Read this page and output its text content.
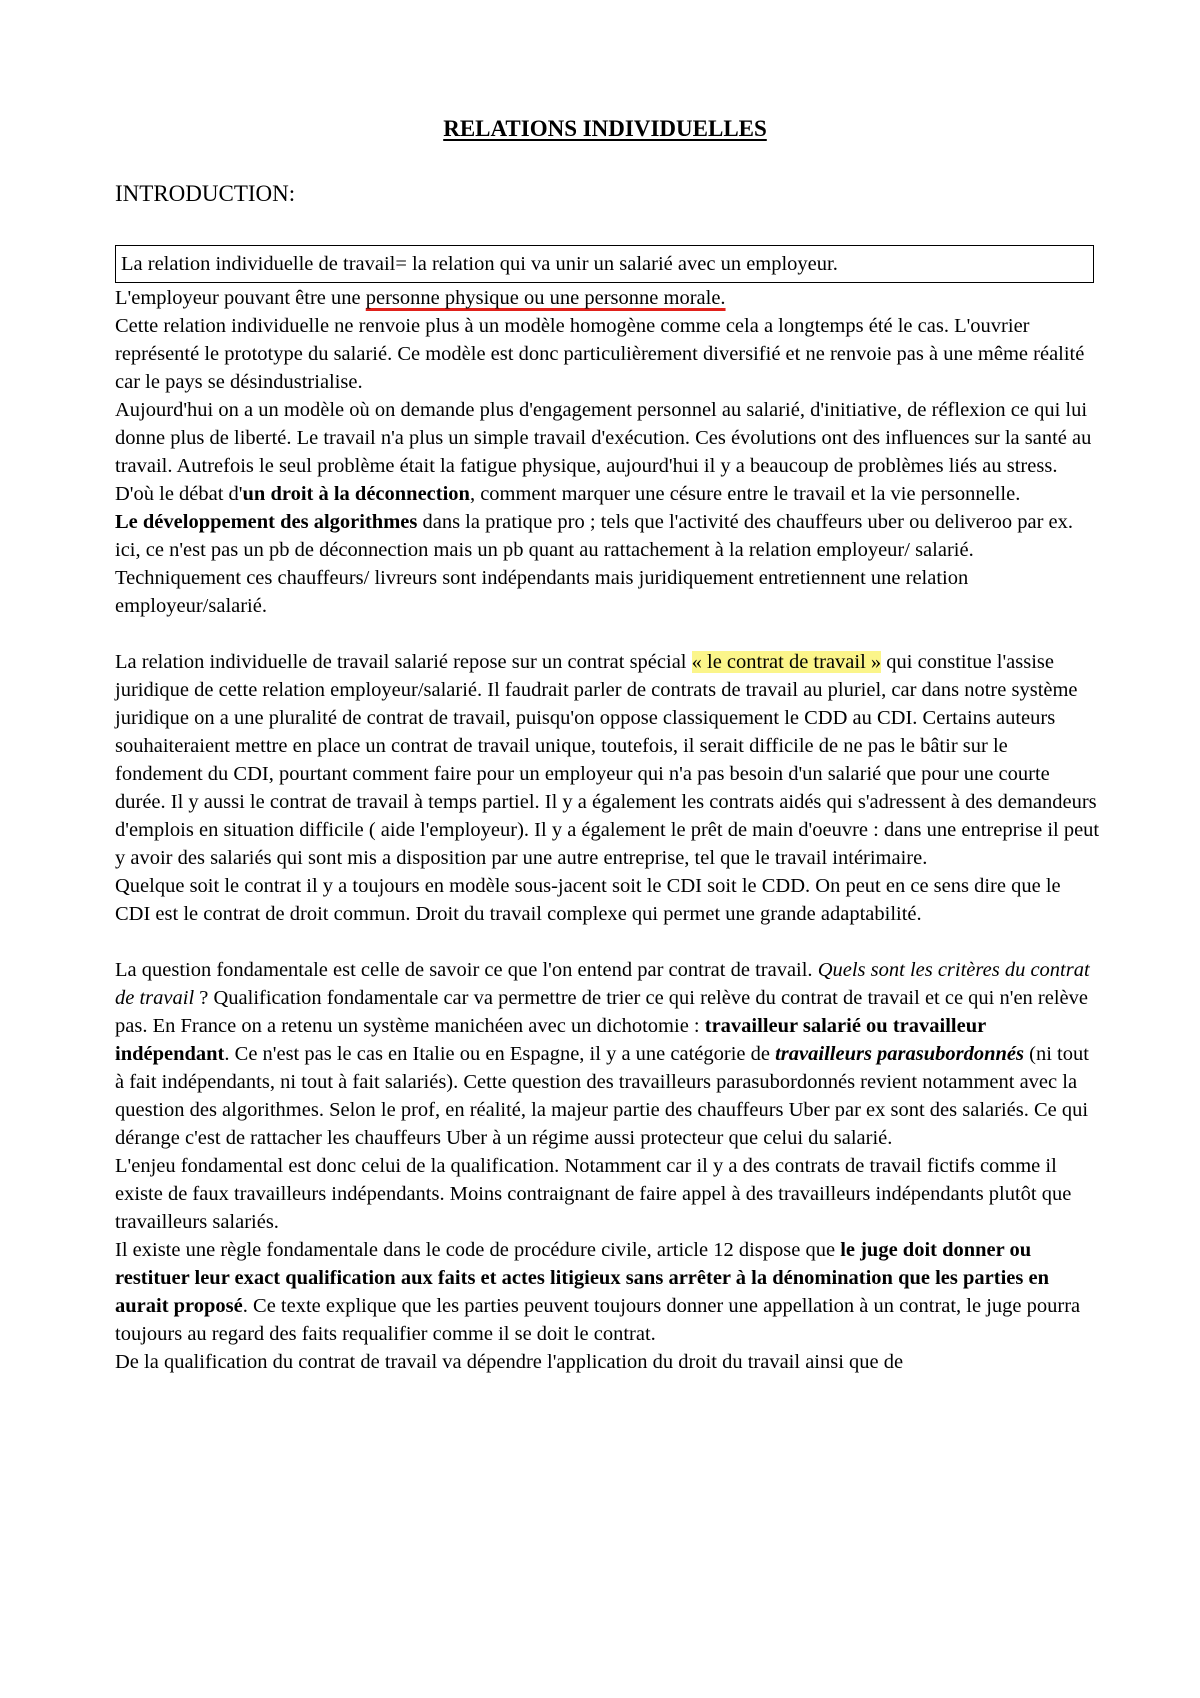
RELATIONS INDIVIDUELLES
INTRODUCTION:
La relation individuelle de travail= la relation qui va unir un salarié avec un employeur.

L'employeur pouvant être une personne physique ou une personne morale.

Cette relation individuelle ne renvoie plus à un modèle homogène comme cela a longtemps été le cas. L'ouvrier représenté le prototype du salarié. Ce modèle est donc particulièrement diversifié et ne renvoie pas à une même réalité car le pays se désindustrialise.

Aujourd'hui on a un modèle où on demande plus d'engagement personnel au salarié, d'initiative, de réflexion ce qui lui donne plus de liberté. Le travail n'a plus un simple travail d'exécution. Ces évolutions ont des influences sur la santé au travail. Autrefois le seul problème était la fatigue physique, aujourd'hui il y a beaucoup de problèmes liés au stress. D'où le débat d'un droit à la déconnection, comment marquer une césure entre le travail et la vie personnelle.

Le développement des algorithmes dans la pratique pro ; tels que l'activité des chauffeurs uber ou deliveroo par ex. ici, ce n'est pas un pb de déconnection mais un pb quant au rattachement à la relation employeur/ salarié. Techniquement ces chauffeurs/ livreurs sont indépendants mais juridiquement entretiennent une relation employeur/salarié.

La relation individuelle de travail salarié repose sur un contrat spécial « le contrat de travail » qui constitue l'assise juridique de cette relation employeur/salarié. Il faudrait parler de contrats de travail au pluriel, car dans notre système juridique on a une pluralité de contrat de travail, puisqu'on oppose classiquement le CDD au CDI. Certains auteurs souhaiteraient mettre en place un contrat de travail unique, toutefois, il serait difficile de ne pas le bâtir sur le fondement du CDI, pourtant comment faire pour un employeur qui n'a pas besoin d'un salarié que pour une courte durée. Il y aussi le contrat de travail à temps partiel. Il y a également les contrats aidés qui s'adressent à des demandeurs d'emplois en situation difficile ( aide l'employeur). Il y a également le prêt de main d'oeuvre : dans une entreprise il peut y avoir des salariés qui sont mis a disposition par une autre entreprise, tel que le travail intérimaire.

Quelque soit le contrat il y a toujours en modèle sous-jacent soit le CDI soit le CDD. On peut en ce sens dire que le CDI est le contrat de droit commun. Droit du travail complexe qui permet une grande adaptabilité.

La question fondamentale est celle de savoir ce que l'on entend par contrat de travail. Quels sont les critères du contrat de travail ? Qualification fondamentale car va permettre de trier ce qui relève du contrat de travail et ce qui n'en relève pas. En France on a retenu un système manichéen avec un dichotomie : travailleur salarié ou travailleur indépendant. Ce n'est pas le cas en Italie ou en Espagne, il y a une catégorie de travailleurs parasubordonnés (ni tout à fait indépendants, ni tout à fait salariés). Cette question des travailleurs parasubordonnés revient notamment avec la question des algorithmes. Selon le prof, en réalité, la majeur partie des chauffeurs Uber par ex sont des salariés. Ce qui dérange c'est de rattacher les chauffeurs Uber à un régime aussi protecteur que celui du salarié.

L'enjeu fondamental est donc celui de la qualification. Notamment car il y a des contrats de travail fictifs comme il existe de faux travailleurs indépendants. Moins contraignant de faire appel à des travailleurs indépendants plutôt que travailleurs salariés.

Il existe une règle fondamentale dans le code de procédure civile, article 12 dispose que le juge doit donner ou restituer leur exact qualification aux faits et actes litigieux sans arrêter à la dénomination que les parties en aurait proposé. Ce texte explique que les parties peuvent toujours donner une appellation à un contrat, le juge pourra toujours au regard des faits requalifier comme il se doit le contrat.

De la qualification du contrat de travail va dépendre l'application du droit du travail ainsi que de
